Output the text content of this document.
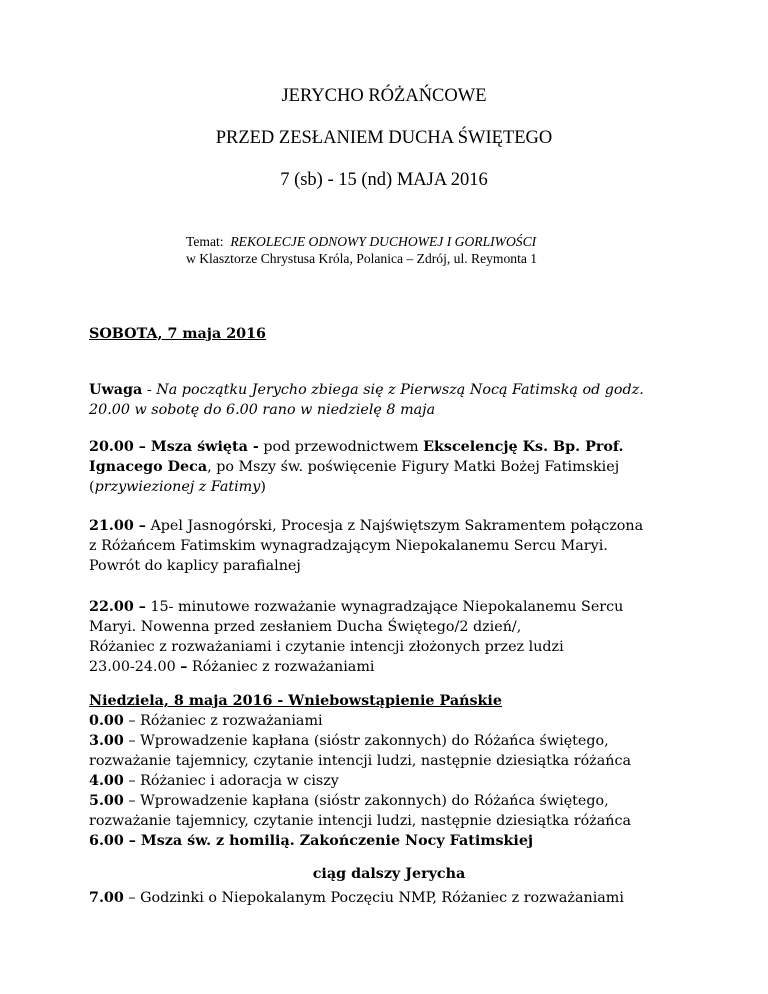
JERYCHO RÓŻAŃCOWE
PRZED ZESŁANIEM DUCHA ŚWIĘTEGO
7 (sb) - 15 (nd) MAJA 2016
Temat: REKOLECJE ODNOWY DUCHOWEJ I GORLIWOŚCI
w Klasztorze Chrystusa Króla, Polanica – Zdrój, ul. Reymonta 1
SOBOTA, 7 maja 2016
Uwaga - Na początku Jerycho zbiega się z Pierwszą Nocą Fatimską od godz.
20.00 w sobotę do 6.00 rano w niedzielę 8 maja
20.00 – Msza święta - pod przewodnictwem Ekscelencję Ks. Bp. Prof.
Ignacego Deca, po Mszy św. poświęcenie Figury Matki Bożej Fatimskiej
(przywiezionej z Fatimy)
21.00 – Apel Jasnogórski, Procesja z Najświętszym Sakramentem połączona
z Różańcem Fatimskim wynagradzającym Niepokalanemu Sercu Maryi.
Powrót do kaplicy parafialnej
22.00 – 15- minutowe rozważanie wynagradzające Niepokalanemu Sercu
Maryi. Nowenna przed zesłaniem Ducha Świętego/2 dzień/,
Różaniec z rozważaniami i czytanie intencji złożonych przez ludzi
23.00-24.00 – Różaniec z rozważaniami
Niedziela, 8 maja 2016 - Wniebowstąpienie Pańskie
0.00 – Różaniec z rozważaniami
3.00 – Wprowadzenie kapłana (sióstr zakonnych) do Różańca świętego,
rozważanie tajemnicy, czytanie intencji ludzi, następnie dziesiątka różańca
4.00 – Różaniec i adoracja w ciszy
5.00 – Wprowadzenie kapłana (sióstr zakonnych) do Różańca świętego,
rozważanie tajemnicy, czytanie intencji ludzi, następnie dziesiątka różańca
6.00 – Msza św. z homilią. Zakończenie Nocy Fatimskiej
ciąg dalszy Jerycha
7.00 – Godzinki o Niepokalanym Poczęciu NMP, Różaniec z rozważaniami
